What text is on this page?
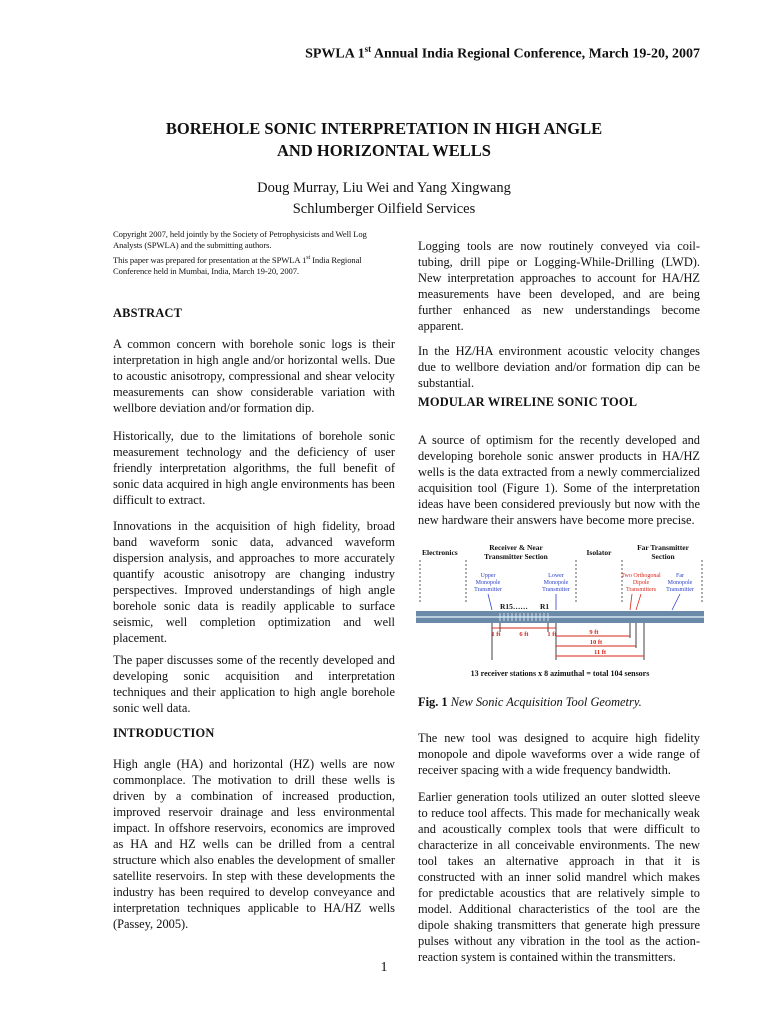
SPWLA 1st Annual India Regional Conference, March 19-20, 2007
BOREHOLE SONIC INTERPRETATION IN HIGH ANGLE
AND HORIZONTAL WELLS
Doug Murray, Liu Wei and Yang Xingwang
Schlumberger Oilfield Services
Copyright 2007, held jointly by the Society of Petrophysicists and Well Log Analysts (SPWLA) and the submitting authors.
This paper was prepared for presentation at the SPWLA 1st India Regional Conference held in Mumbai, India, March 19-20, 2007.
ABSTRACT

A common concern with borehole sonic logs is their interpretation in high angle and/or horizontal wells. Due to acoustic anisotropy, compressional and shear velocity measurements can show considerable variation with wellbore deviation and/or formation dip.

Historically, due to the limitations of borehole sonic measurement technology and the deficiency of user friendly interpretation algorithms, the full benefit of sonic data acquired in high angle environments has been difficult to extract.

Innovations in the acquisition of high fidelity, broad band waveform sonic data, advanced waveform dispersion analysis, and approaches to more accurately quantify acoustic anisotropy are changing industry perspectives. Improved understandings of high angle borehole sonic data is readily applicable to surface seismic, well completion optimization and well placement.

The paper discusses some of the recently developed and developing sonic acquisition and interpretation techniques and their application to high angle borehole sonic well data.

INTRODUCTION

High angle (HA) and horizontal (HZ) wells are now commonplace. The motivation to drill these wells is driven by a combination of increased production, improved reservoir drainage and less environmental impact. In offshore reservoirs, economics are improved as HA and HZ wells can be drilled from a central structure which also enables the development of smaller satellite reservoirs. In step with these developments the industry has been required to develop conveyance and interpretation techniques applicable to HA/HZ wells (Passey, 2005).

Logging tools are now routinely conveyed via coil-tubing, drill pipe or Logging-While-Drilling (LWD). New interpretation approaches to account for HA/HZ measurements have been developed, and are being further enhanced as new understandings become apparent.

In the HZ/HA environment acoustic velocity changes due to wellbore deviation and/or formation dip can be substantial.

MODULAR WIRELINE SONIC TOOL

A source of optimism for the recently developed and developing borehole sonic answer products in HA/HZ wells is the data extracted from a newly commercialized acquisition tool (Figure 1). Some of the interpretation ideas have been considered previously but now with the new hardware their answers have become more precise.

Electronics
Receiver & Near
Transmitter Section	Isolator
Far Transmitter
Section
Upper
Monopole
Transmitter
Lower
Monopole
Transmitter
Far
Monopole
Transmitter
Two Orthogonal
Dipole
Transmitters
R15…… R1
1 ft	6 ft	1 ft	9 ft
10 ft
11 ft
13 receiver stations x 8 azimuthal = total 104 sensors
Fig. 1 New Sonic Acquisition Tool Geometry.

The new tool was designed to acquire high fidelity monopole and dipole waveforms over a wide range of receiver spacing with a wide frequency bandwidth.

Earlier generation tools utilized an outer slotted sleeve to reduce tool affects. This made for mechanically weak and acoustically complex tools that were difficult to characterize in all conceivable environments. The new tool takes an alternative approach in that it is constructed with an inner solid mandrel which makes for predictable acoustics that are relatively simple to model. Additional characteristics of the tool are the dipole shaking transmitters that generate high pressure pulses without any vibration in the tool as the action-reaction system is contained within the transmitters.

1
